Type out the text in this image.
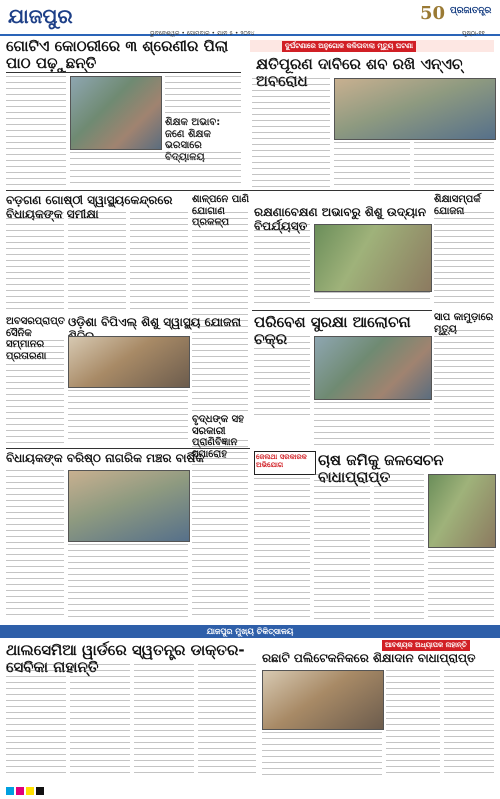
ଯାଜପୁର
ଭୁବନେଶ୍ୱର • ସୋମବାର • ଯାନ ୫ • ୨୦୨୪
50 ପ୍ରଜାତନ୍ତ୍ର
ପୃଷ୍ଠା-୧୧
ଗୋଟିଏ କୋଠରୀରେ ୩ ଶ୍ରେଣୀର ପିଲା ପାଠ ପଢ଼ୁଛନ୍ତି
ଶିକ୍ଷକ ଅଭାବ: ଜଣେ ଶିକ୍ଷକ ଭରସାରେ ବିଦ୍ୟାଳୟ
ଦୁର୍ଘଟଣାରେ ଅନୁଗୋଳ କଳିତାବାଲା ମୃତ୍ୟୁ ଘଟଣା
କ୍ଷତିପୂରଣ ଦାବିରେ ଶବ ରଖି ଏନ୍ଏଚ୍ ଅବରୋଧ
ବଡ଼ଗଣ ଗୋଷ୍ଠୀ ସ୍ୱାସ୍ଥ୍ୟକେନ୍ଦ୍ରରେ ବିଧାୟକଙ୍କ ସମୀକ୍ଷା
ଶାଳ୍ପନେ ପାଣି ଯୋଗାଣ ପ୍ରକଳ୍ପ
ରକ୍ଷଣାବେକ୍ଷଣ ଅଭାବରୁ ଶିଶୁ ଉଦ୍ୟାନ ବିପର୍ଯ୍ୟସ୍ତ
ଶିକ୍ଷାସମ୍ପର୍କ ଯୋଜନା
ଅବସରପ୍ରାପ୍ତ ସୈନିକ ସମ୍ମାନର ପ୍ରତାରଣା
ଓଡ଼ିଶା ବିପିଏଲ୍ ଶିଶୁ ସ୍ୱାସ୍ଥ୍ୟ ଯୋଜନା ପରିବେଶ ସୁରକ୍ଷା ଆଲୋଚନା ଚକ୍ର
ବୃଦ୍ଧଙ୍କ ସହ ସରକାରୀ ପ୍ରାଣିବିଜ୍ଞାନ ସମାରୋହ
ସାପ କାମୁଡ଼ାରେ ମୃତ୍ୟୁ
ବିଧାୟକଙ୍କ ବରିଷ୍ଠ ନାଗରିକ ମଞ୍ଚର ବାର୍ଷିକ	ଜେଲଥା ସରକାରକ ଅଭିଯୋଗ	ଚାଷ ଜମିକୁ ଜଳସେଚନ ବାଧାପ୍ରାପ୍ତ
ଯାଜପୁର ମୁଖ୍ୟ ଚିକିତ୍ସାଳୟ
ଥାଲସେମିଆ ୱାର୍ଡରେ ସ୍ୱତନ୍ତ୍ର ଡାକ୍ତର-ସେବିକା ନାହାନ୍ତି
ଆବଶ୍ୟକ ଅଧ୍ୟାପକ ନାହାନ୍ତି
ରଛାଟି ପଲିଟେକନିକରେ ଶିକ୍ଷାଦାନ ବାଧାପ୍ରାପ୍ତ
